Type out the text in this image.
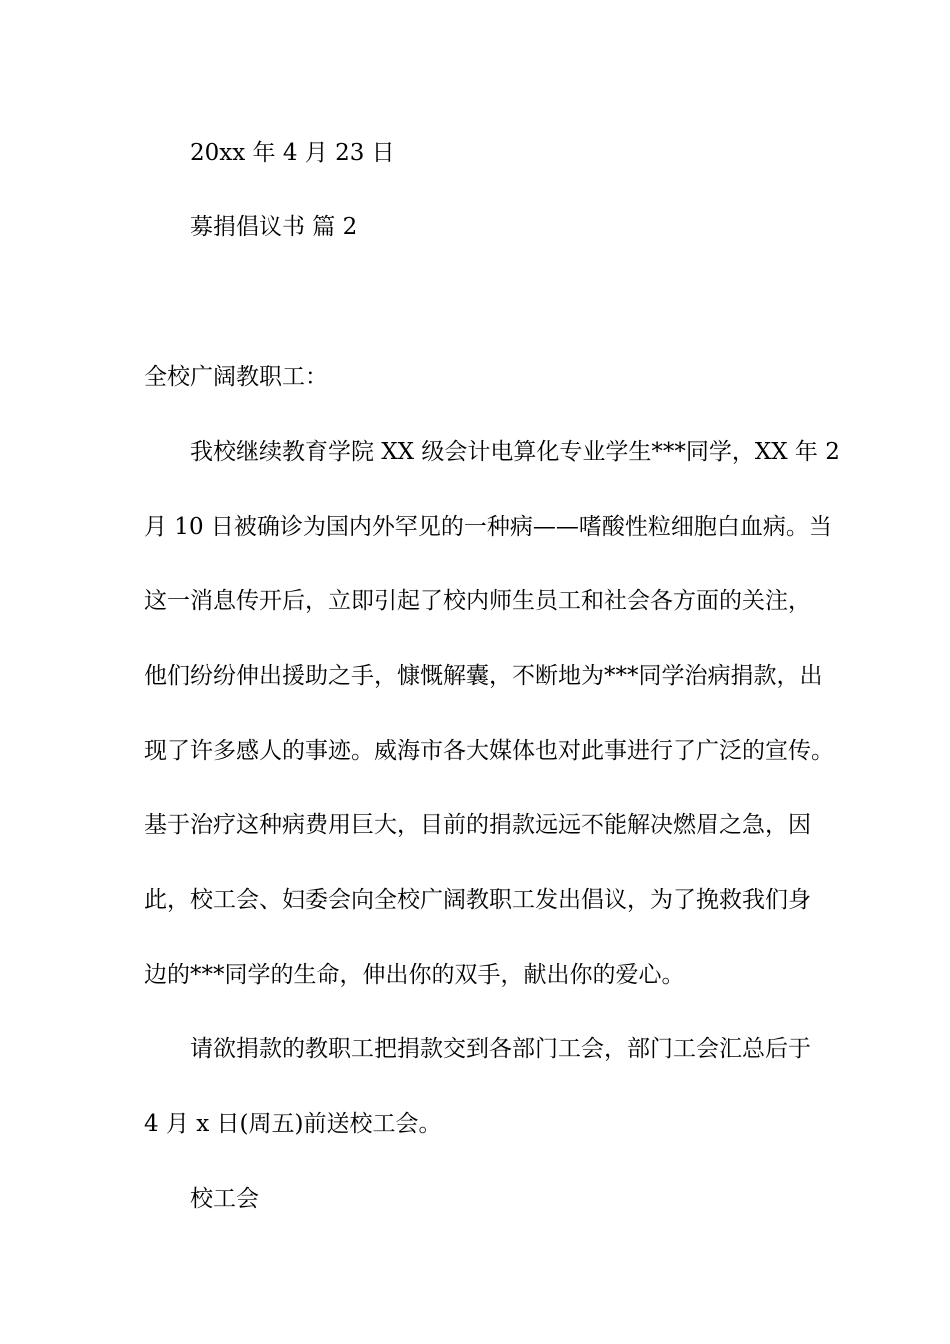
20xx 年 4 月 23 日
募捐倡议书 篇 2
全校广阔教职工：
我校继续教育学院 XX 级会计电算化专业学生***同学，XX 年 2
月 10 日被确诊为国内外罕见的一种病——嗜酸性粒细胞白血病。当
这一消息传开后，立即引起了校内师生员工和社会各方面的关注，
他们纷纷伸出援助之手，慷慨解囊，不断地为***同学治病捐款，出
现了许多感人的事迹。威海市各大媒体也对此事进行了广泛的宣传。
基于治疗这种病费用巨大，目前的捐款远远不能解决燃眉之急，因
此，校工会、妇委会向全校广阔教职工发出倡议，为了挽救我们身
边的***同学的生命，伸出你的双手，献出你的爱心。
请欲捐款的教职工把捐款交到各部门工会，部门工会汇总后于
4 月 x 日(周五)前送校工会。
校工会
